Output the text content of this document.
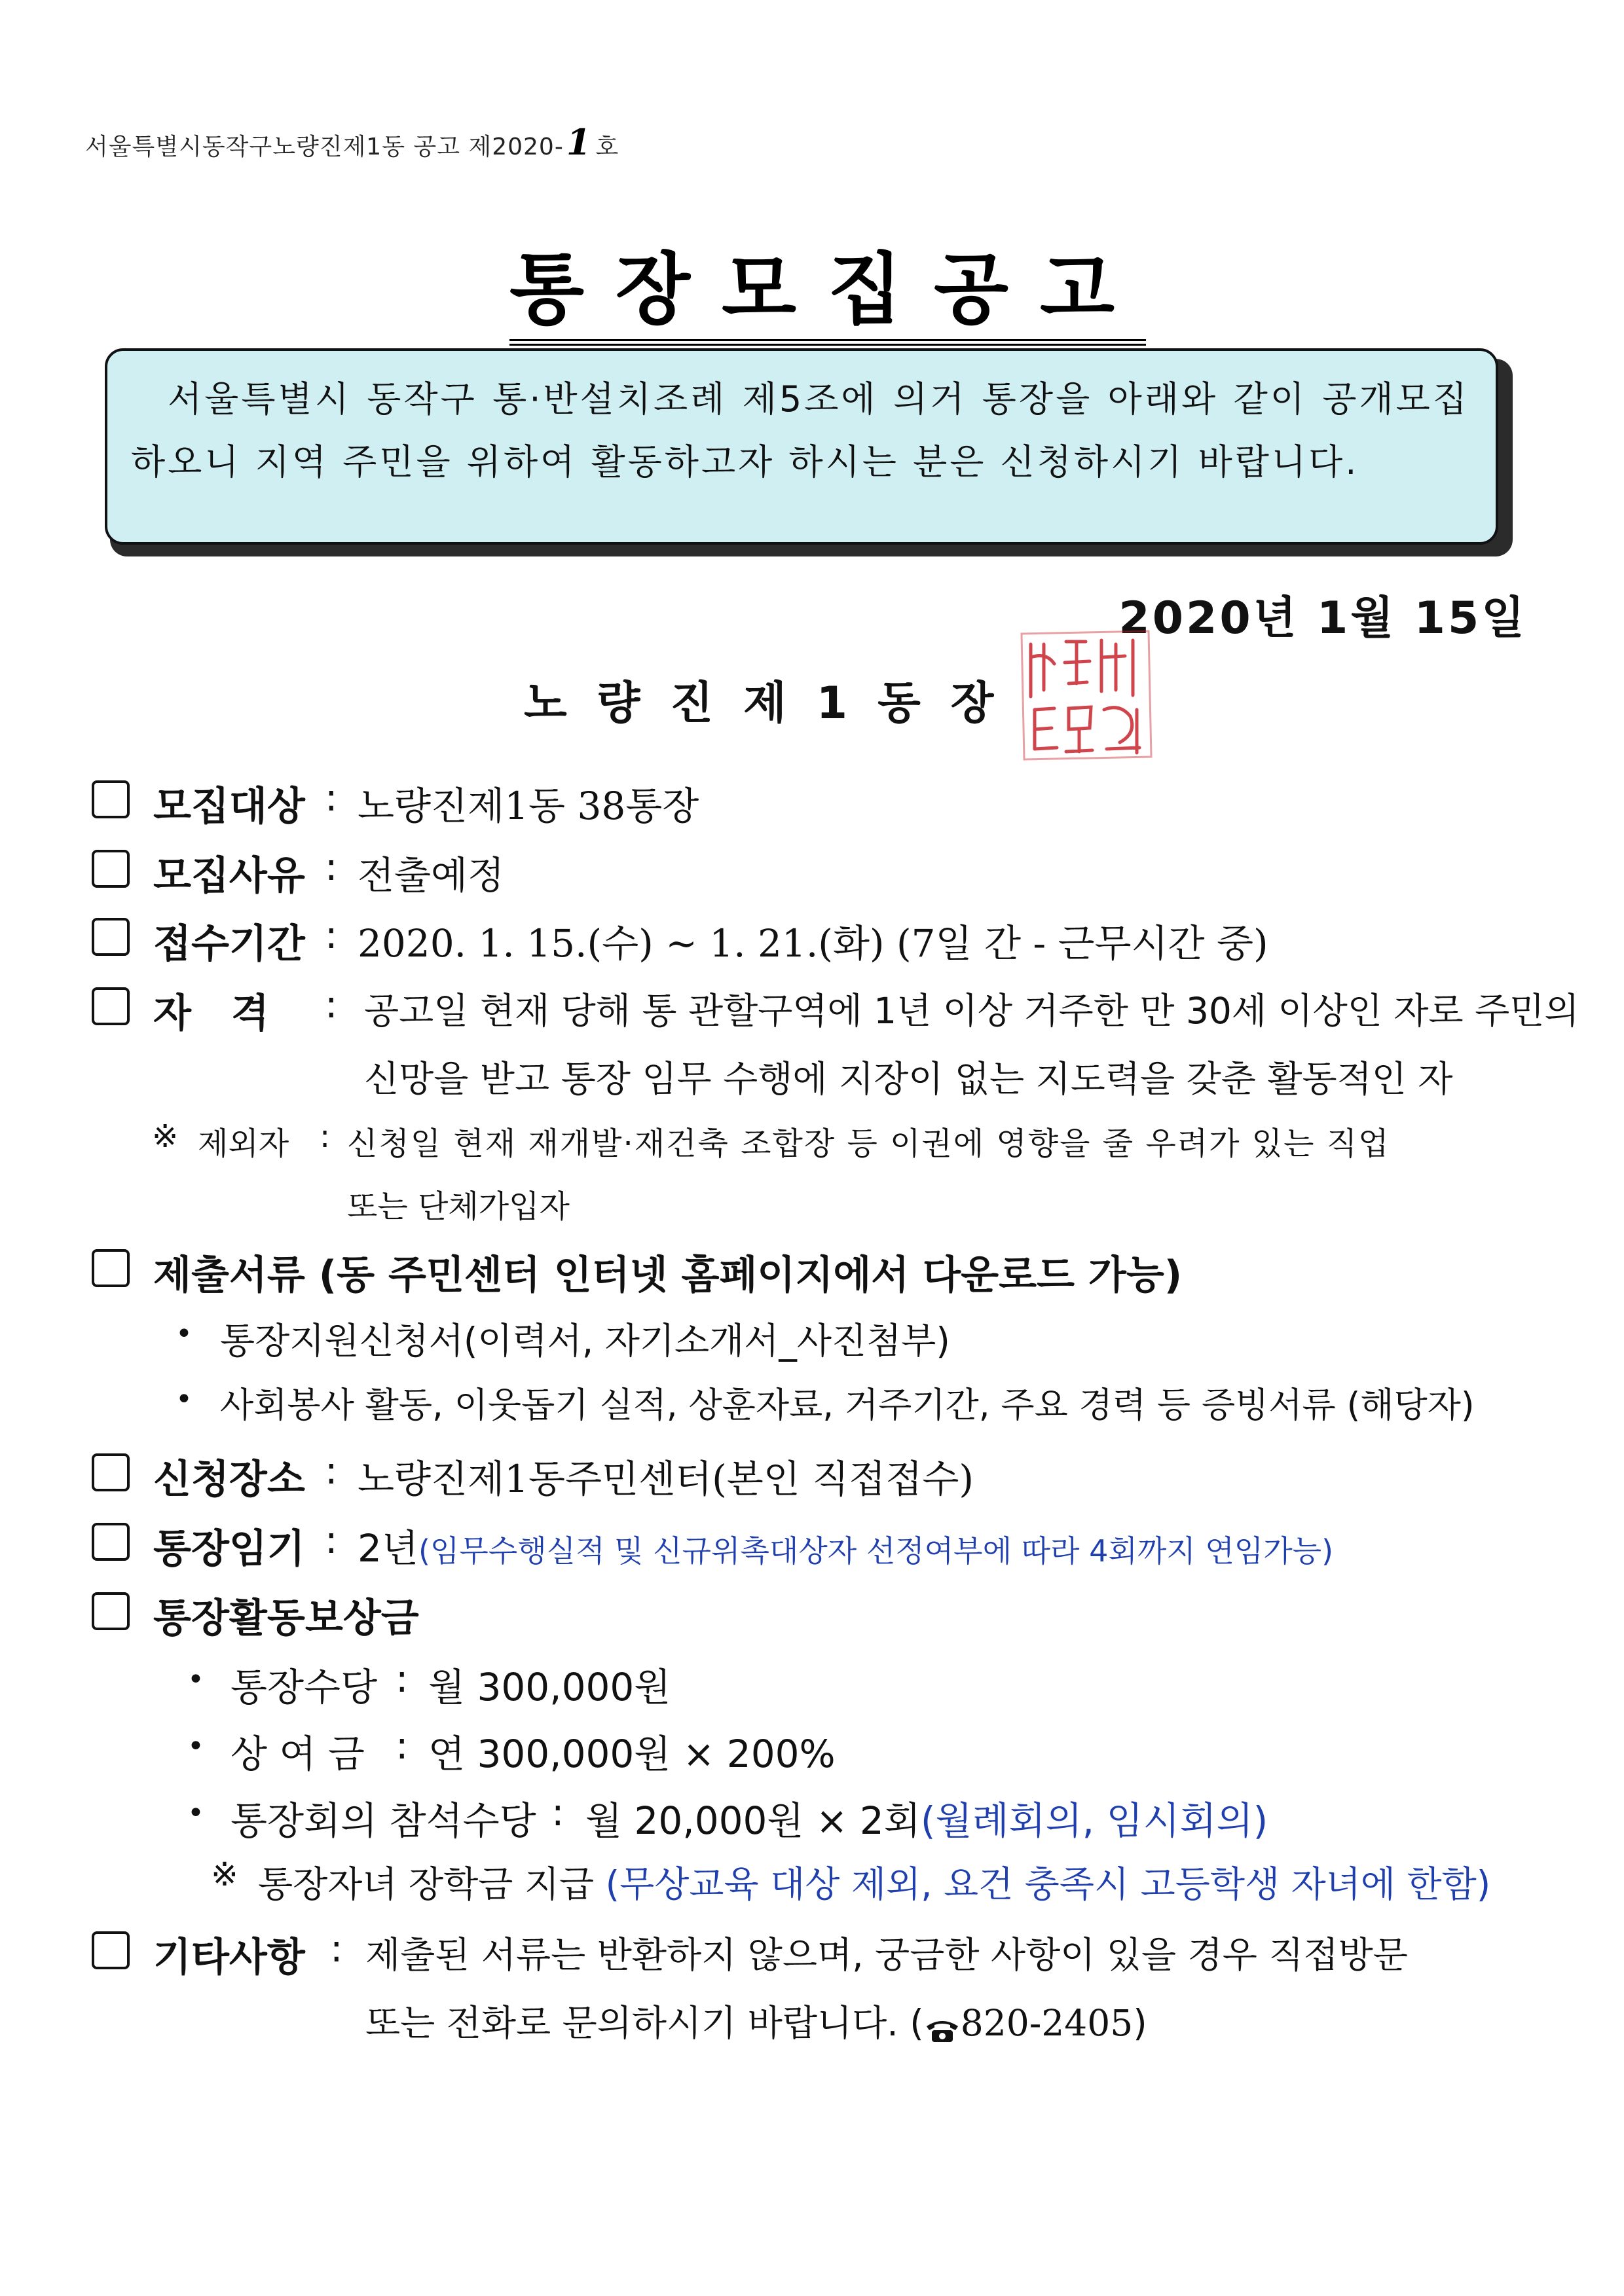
서울특별시동작구노량진제1동 공고 제2020-1 호
통장모집공고

서울특별시 동작구 통·반설치조례 제5조에 의거 통장을 아래와 같이 공개모집하오니 지역 주민을 위하여 활동하고자 하시는 분은 신청하시기 바랍니다.

2020년 1월 15일
노량진제1동장
모집대상 : 노량진제1동 38통장
모집사유 : 전출예정
접수기간 : 2020. 1. 15.(수) ~ 1. 21.(화) (7일 간 - 근무시간 중)
자 격 : 공고일 현재 당해 통 관할구역에 1년 이상 거주한 만 30세 이상인 자로 주민의
신망을 받고 통장 임무 수행에 지장이 없는 지도력을 갖춘 활동적인 자
※ 제외자 : 신청일 현재 재개발·재건축 조합장 등 이권에 영향을 줄 우려가 있는 직업
또는 단체가입자
제출서류 (동 주민센터 인터넷 홈페이지에서 다운로드 가능)
• 통장지원신청서(이력서, 자기소개서_사진첨부)
• 사회봉사 활동, 이웃돕기 실적, 상훈자료, 거주기간, 주요 경력 등 증빙서류 (해당자)
신청장소 : 노량진제1동주민센터(본인 직접접수)
통장임기 : 2년(임무수행실적 및 신규위촉대상자 선정여부에 따라 4회까지 연임가능)
통장활동보상금
• 통장수당 : 월 300,000원
• 상 여 금 : 연 300,000원 × 200%
• 통장회의 참석수당 : 월 20,000원 × 2회(월례회의, 임시회의)
※ 통장자녀 장학금 지급 (무상교육 대상 제외, 요건 충족시 고등학생 자녀에 한함)
기타사항 : 제출된 서류는 반환하지 않으며, 궁금한 사항이 있을 경우 직접방문
또는 전화로 문의하시기 바랍니다. ( 820-2405)
